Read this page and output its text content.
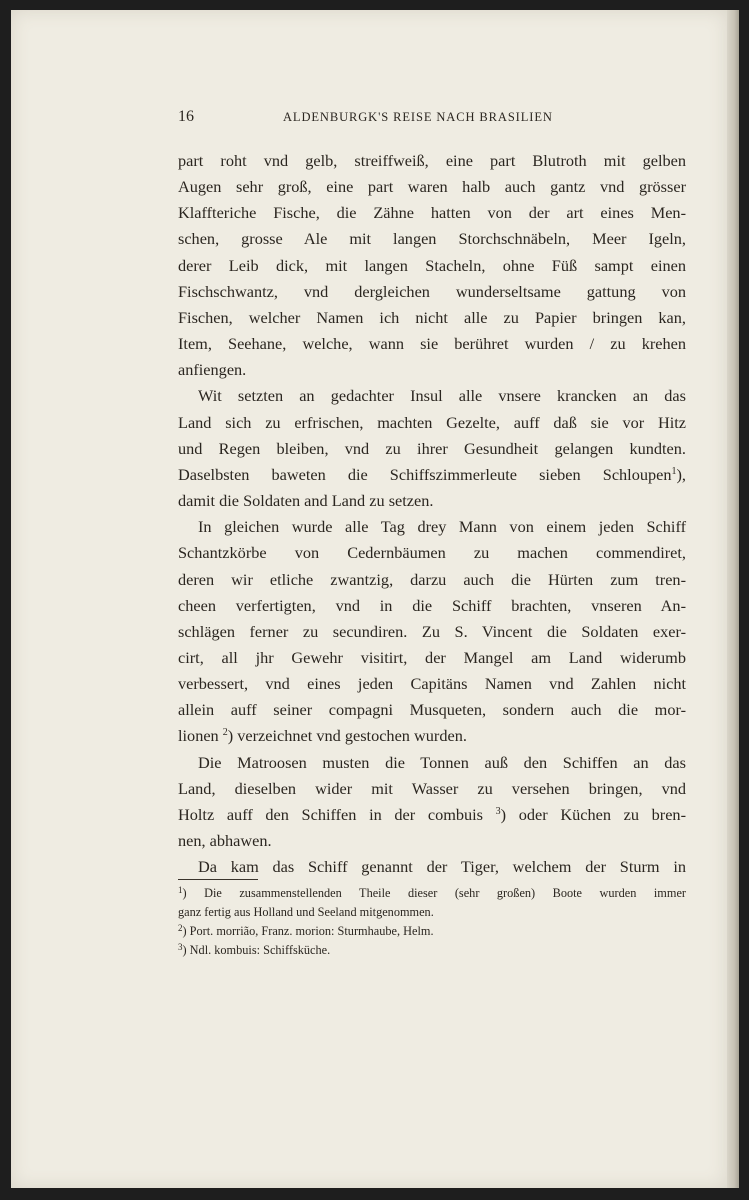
16	ALDENBURGK'S REISE NACH BRASILIEN

part roht vnd gelb, streiffweiß, eine part Blutroth mit gelben
Augen sehr groß, eine part waren halb auch gantz vnd grösser
Klaffteriche Fische, die Zähne hatten von der art eines Men-
schen, grosse Ale mit langen Storchschnäbeln, Meer Igeln,
derer Leib dick, mit langen Stacheln, ohne Füß sampt einen
Fischschwantz, vnd dergleichen wunderseltsame gattung von
Fischen, welcher Namen ich nicht alle zu Papier bringen kan,
Item, Seehane, welche, wann sie berühret wurden / zu krehen
anfiengen.

Wit setzten an gedachter Insul alle vnsere krancken an das
Land sich zu erfrischen, machten Gezelte, auff daß sie vor Hitz
und Regen bleiben, vnd zu ihrer Gesundheit gelangen kundten.
Daselbsten baweten die Schiffszimmerleute sieben Schloupen$^1$),
damit die Soldaten and Land zu setzen.

In gleichen wurde alle Tag drey Mann von einem jeden Schiff
Schantzkörbe von Cedernbäumen zu machen commendiret,
deren wir etliche zwantzig, darzu auch die Hürten zum tren-
cheen verfertigten, vnd in die Schiff brachten, vnseren An-
schlägen ferner zu secundiren. Zu S. Vincent die Soldaten exer-
cirt, all jhr Gewehr visitirt, der Mangel am Land widerumb
verbessert, vnd eines jeden Capitäns Namen vnd Zahlen nicht
allein auff seiner compagni Musqueten, sondern auch die mor-
lionen $^2$) verzeichnet vnd gestochen wurden.

Die Matroosen musten die Tonnen auß den Schiffen an das
Land, dieselben wider mit Wasser zu versehen bringen, vnd
Holtz auff den Schiffen in der combuis $^3$) oder Küchen zu bren-
nen, abhawen.

Da kam das Schiff genannt der Tiger, welchem der Sturm in

$^1$) Die zusammenstellenden Theile dieser (sehr großen) Boote wurden immer
ganz fertig aus Holland und Seeland mitgenommen.
$^2$) Port. morrião, Franz. morion: Sturmhaube, Helm.
$^3$) Ndl. kombuis: Schiffsküche.
